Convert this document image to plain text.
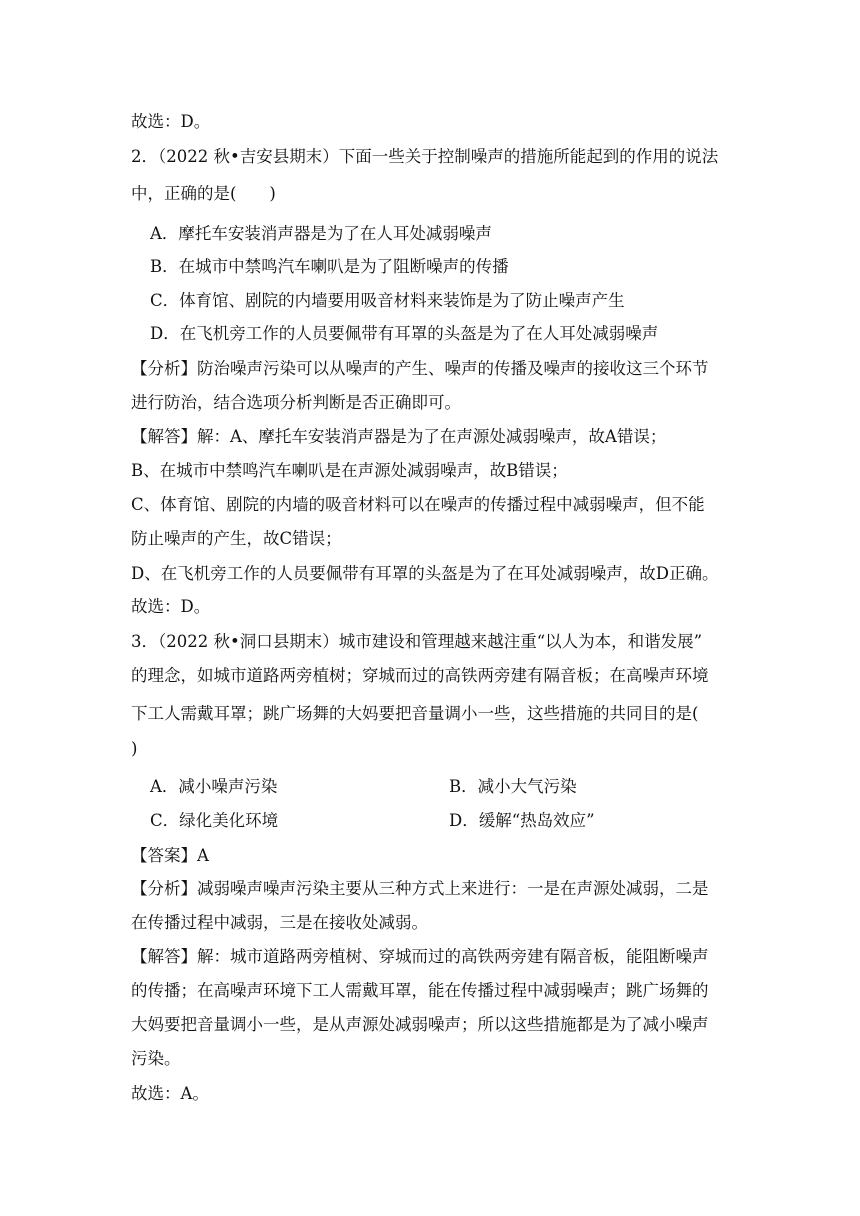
故选：D。
2．（2022 秋•吉安县期末）下面一些关于控制噪声的措施所能起到的作用的说法
中，正确的是(　　)
A．摩托车安装消声器是为了在人耳处减弱噪声
B．在城市中禁鸣汽车喇叭是为了阻断噪声的传播
C．体育馆、剧院的内墙要用吸音材料来装饰是为了防止噪声产生
D．在飞机旁工作的人员要佩带有耳罩的头盔是为了在人耳处减弱噪声
【分析】防治噪声污染可以从噪声的产生、噪声的传播及噪声的接收这三个环节
进行防治，结合选项分析判断是否正确即可。
【解答】解：A、摩托车安装消声器是为了在声源处减弱噪声，故A错误；
B、在城市中禁鸣汽车喇叭是在声源处减弱噪声，故B错误；
C、体育馆、剧院的内墙的吸音材料可以在噪声的传播过程中减弱噪声，但不能
防止噪声的产生，故C错误；
D、在飞机旁工作的人员要佩带有耳罩的头盔是为了在耳处减弱噪声，故D正确。
故选：D。
3．（2022 秋•洞口县期末）城市建设和管理越来越注重“以人为本，和谐发展”
的理念，如城市道路两旁植树；穿城而过的高铁两旁建有隔音板；在高噪声环境
下工人需戴耳罩；跳广场舞的大妈要把音量调小一些，这些措施的共同目的是(
)
A．减小噪声污染	B．减小大气污染
C．绿化美化环境	D．缓解“热岛效应”
【答案】A
【分析】减弱噪声噪声污染主要从三种方式上来进行：一是在声源处减弱，二是
在传播过程中减弱，三是在接收处减弱。
【解答】解：城市道路两旁植树、穿城而过的高铁两旁建有隔音板，能阻断噪声
的传播；在高噪声环境下工人需戴耳罩，能在传播过程中减弱噪声；跳广场舞的
大妈要把音量调小一些，是从声源处减弱噪声；所以这些措施都是为了减小噪声
污染。
故选：A。
